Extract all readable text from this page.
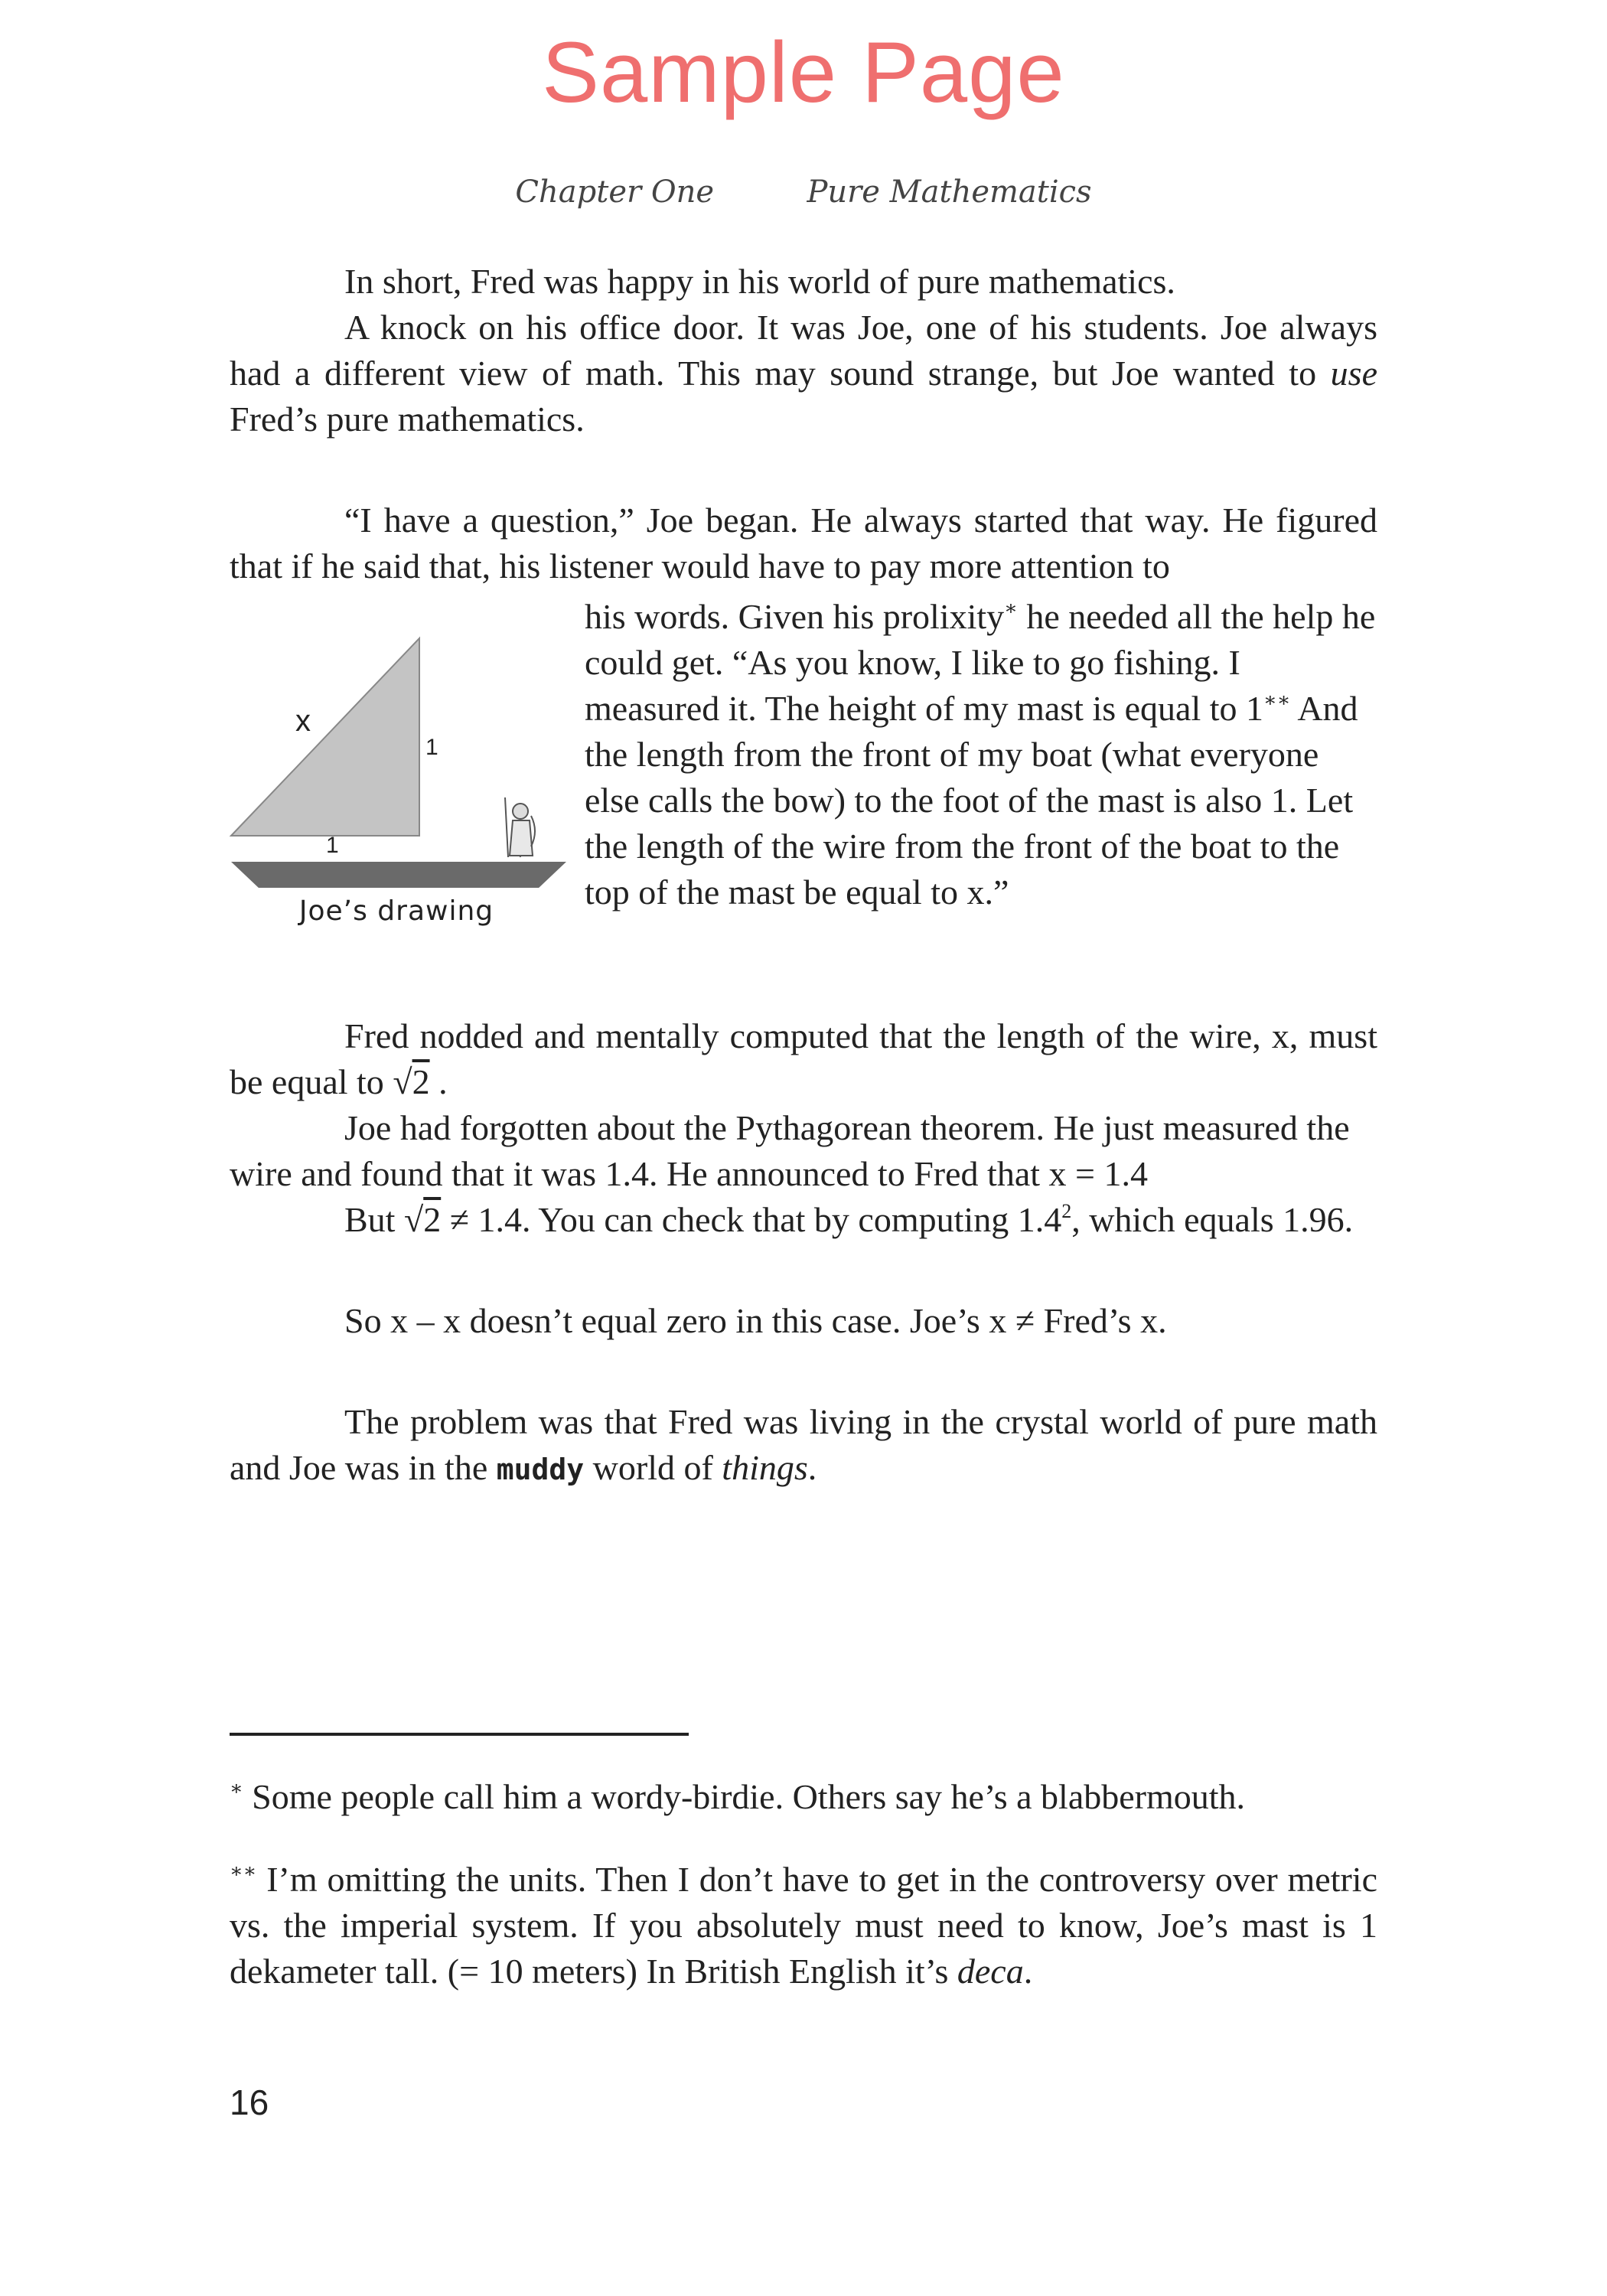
Sample Page
Chapter One	Pure Mathematics

In short, Fred was happy in his world of pure mathematics.

A knock on his office door. It was Joe, one of his students. Joe always had a different view of math. This may sound strange, but Joe wanted to use Fred’s pure mathematics.

“I have a question,” Joe began. He always started that way. He figured that if he said that, his listener would have to pay more attention to

his words. Given his prolixity∗ he needed all the help he could get. “As you know, I like to go fishing. I measured it. The height of my mast is equal to 1∗∗ And the length from the front of my boat (what everyone else calls the bow) to the foot of the mast is also 1. Let the length of the wire from the front of the boat to the top of the mast be equal to x.”

x
1
1
Joe’s drawing

Fred nodded and mentally computed that the length of the wire, x, must be equal to √2 .

Joe had forgotten about the Pythagorean theorem. He just measured the wire and found that it was 1.4. He announced to Fred that x = 1.4

But √2 ≠ 1.4. You can check that by computing $1.4^2$, which equals 1.96.

So x – x doesn’t equal zero in this case. Joe’s x ≠ Fred’s x.

The problem was that Fred was living in the crystal world of pure math and Joe was in the muddy world of things.

∗ Some people call him a wordy-birdie. Others say he’s a blabbermouth.

∗∗ I’m omitting the units. Then I don’t have to get in the controversy over metric vs. the imperial system. If you absolutely must need to know, Joe’s mast is 1 dekameter tall. (= 10 meters) In British English it’s deca.

16
